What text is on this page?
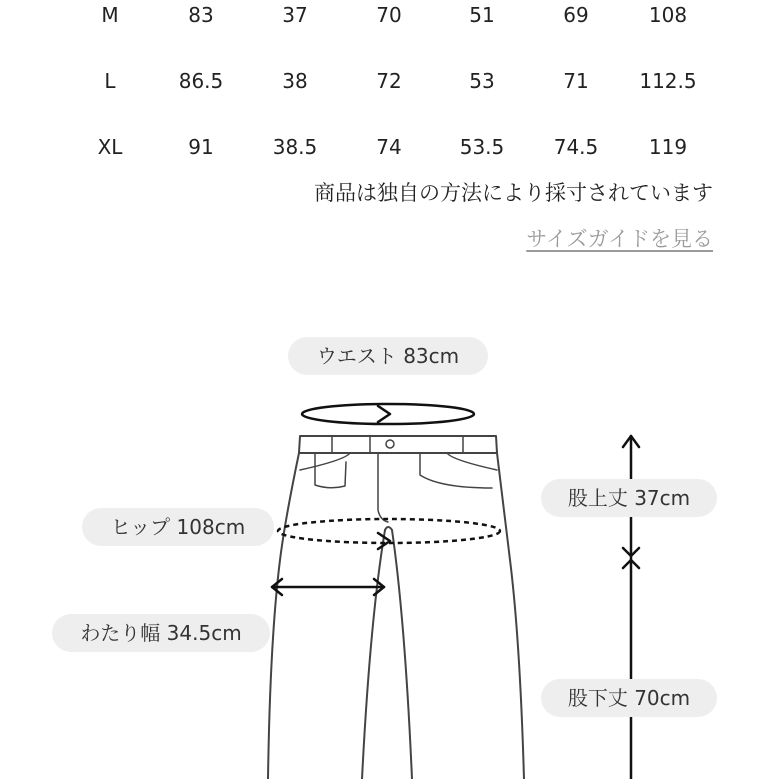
M	83	37	70	51	69	108
L	86.5	38	72	53	71	112.5
XL	91	38.5	74	53.5	74.5	119
商品は独自の方法により採寸されています
サイズガイドを見る
ウエスト 83cm
ヒップ 108cm
わたり幅 34.5cm
股上丈 37cm
股下丈 70cm
